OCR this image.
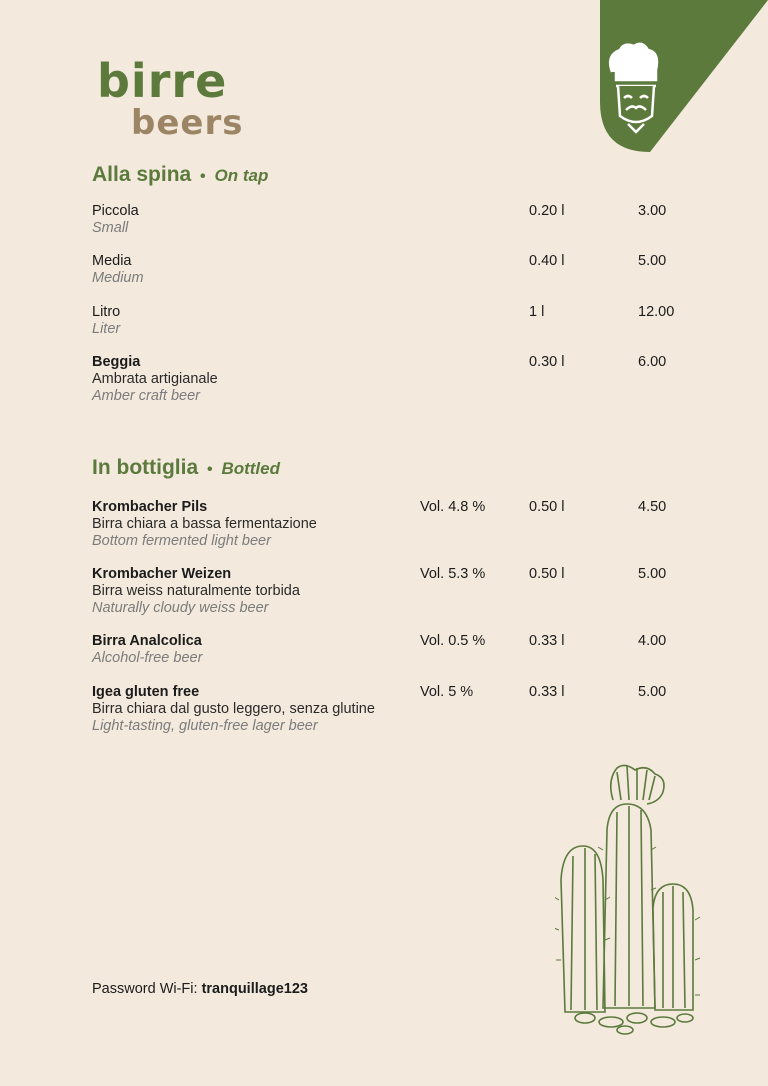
birre
beers
Alla spina • On tap
Piccola
Small
0.20 l	3.00
Media
Medium
0.40 l	5.00
Litro
Liter
1 l	12.00
Beggia
Ambrata artigianale
Amber craft beer
0.30 l	6.00
In bottiglia • Bottled
Krombacher Pils
Birra chiara a bassa fermentazione
Bottom fermented light beer
Vol. 4.8 %	0.50 l	4.50
Krombacher Weizen
Birra weiss naturalmente torbida
Naturally cloudy weiss beer
Vol. 5.3 %	0.50 l	5.00
Birra Analcolica
Alcohol-free beer
Vol. 0.5 %	0.33 l	4.00
Igea gluten free
Birra chiara dal gusto leggero, senza glutine
Light-tasting, gluten-free lager beer
Vol. 5 %	0.33 l	5.00
Password Wi-Fi: tranquillage123
